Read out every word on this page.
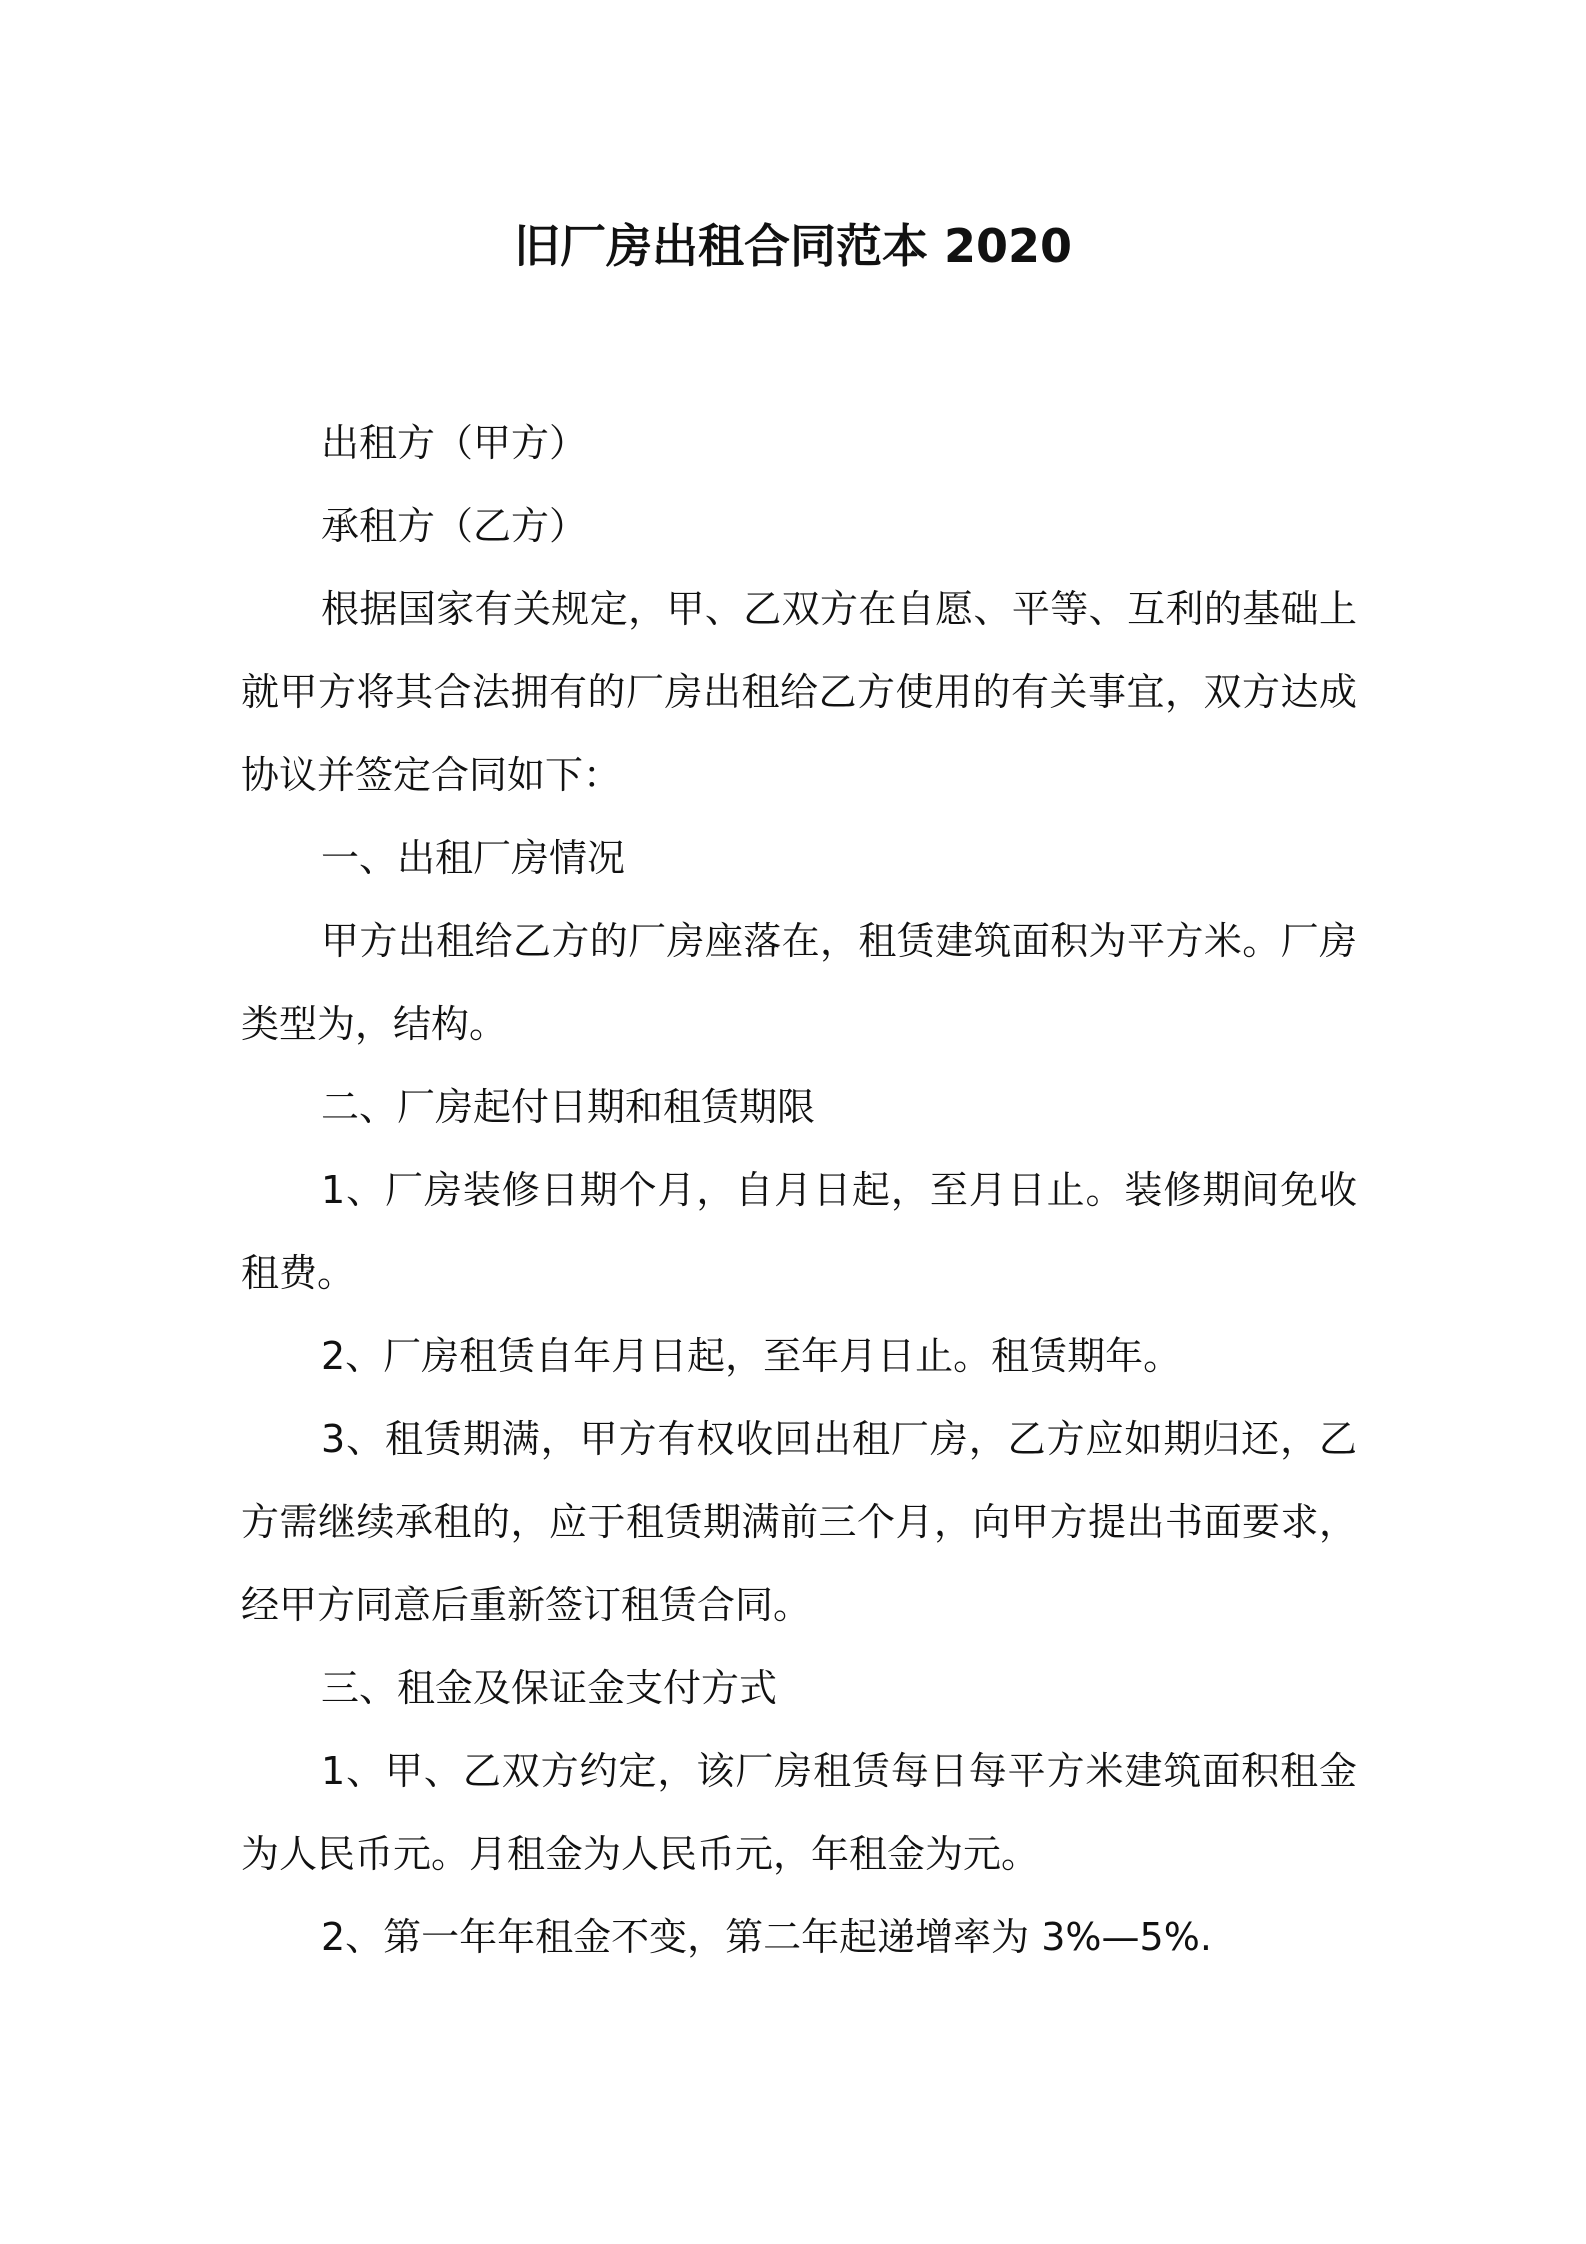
旧厂房出租合同范本 2020

出租方（甲方）

承租方（乙方）

根据国家有关规定，甲、乙双方在自愿、平等、互利的基础上就甲方将其合法拥有的厂房出租给乙方使用的有关事宜，双方达成协议并签定合同如下：

一、出租厂房情况

甲方出租给乙方的厂房座落在，租赁建筑面积为平方米。厂房类型为，结构。

二、厂房起付日期和租赁期限

1、厂房装修日期个月，自月日起，至月日止。装修期间免收租费。

2、厂房租赁自年月日起，至年月日止。租赁期年。

3、租赁期满，甲方有权收回出租厂房，乙方应如期归还，乙方需继续承租的，应于租赁期满前三个月，向甲方提出书面要求，经甲方同意后重新签订租赁合同。

三、租金及保证金支付方式

1、甲、乙双方约定，该厂房租赁每日每平方米建筑面积租金为人民币元。月租金为人民币元，年租金为元。

2、第一年年租金不变，第二年起递增率为 3%—5%.
